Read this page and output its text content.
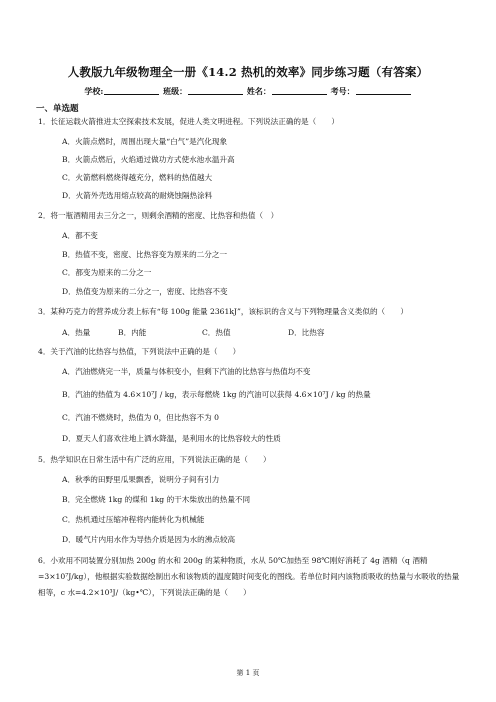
人教版九年级物理全一册《14.2 热机的效率》同步练习题（有答案）
学校:	班级：	姓名：	考号：
一、单选题
1．长征运载火箭推进太空探索技术发展，促进人类文明进程。下列说法正确的是（　　）
A．火箭点燃时，周围出现大量“白气”是汽化现象
B．火箭点燃后，火焰通过做功方式使水池水温升高
C．火箭燃料燃烧得越充分，燃料的热值越大
D．火箭外壳选用熔点较高的耐烧蚀隔热涂料
2．将一瓶酒精用去三分之一，则剩余酒精的密度、比热容和热值（　）
A．都不变
B．热值不变，密度、比热容变为原来的二分之一
C．都变为原来的二分之一
D．热值变为原来的二分之一，密度、比热容不变
3．某种巧克力的营养成分表上标有“每 100g 能量 2361kJ”，该标识的含义与下列物理量含义类似的（　　）
A．热量	B．内能	C．热值	D．比热容
4．关于汽油的比热容与热值，下列说法中正确的是（　　）
A．汽油燃烧完一半，质量与体积变小，但剩下汽油的比热容与热值均不变
B．汽油的热值为 4.6×10⁷J / kg，表示每燃烧 1kg 的汽油可以获得 4.6×10⁷J / kg 的热量
C．汽油不燃烧时，热值为 0，但比热容不为 0
D．夏天人们喜欢往地上洒水降温，是利用水的比热容较大的性质
5．热学知识在日常生活中有广泛的应用，下列说法正确的是（　　）
A．秋季的田野里瓜果飘香，说明分子间有引力
B．完全燃烧 1kg 的煤和 1kg 的干木柴放出的热量不同
C．热机通过压缩冲程将内能转化为机械能
D．暖气片内用水作为导热介质是因为水的沸点较高
6．小欢用不同装置分别加热 200g 的水和 200g 的某种物质，水从 50℃加热至 98℃刚好消耗了 4g 酒精（q 酒精=3×10⁷J/kg），他根据实验数据绘制出水和该物质的温度随时间变化的图线。若单位时间内该物质吸收的热量与水吸收的热量相等，c 水=4.2×10³J/（kg•℃），下列说法正确的是（　　）
第 1 页
